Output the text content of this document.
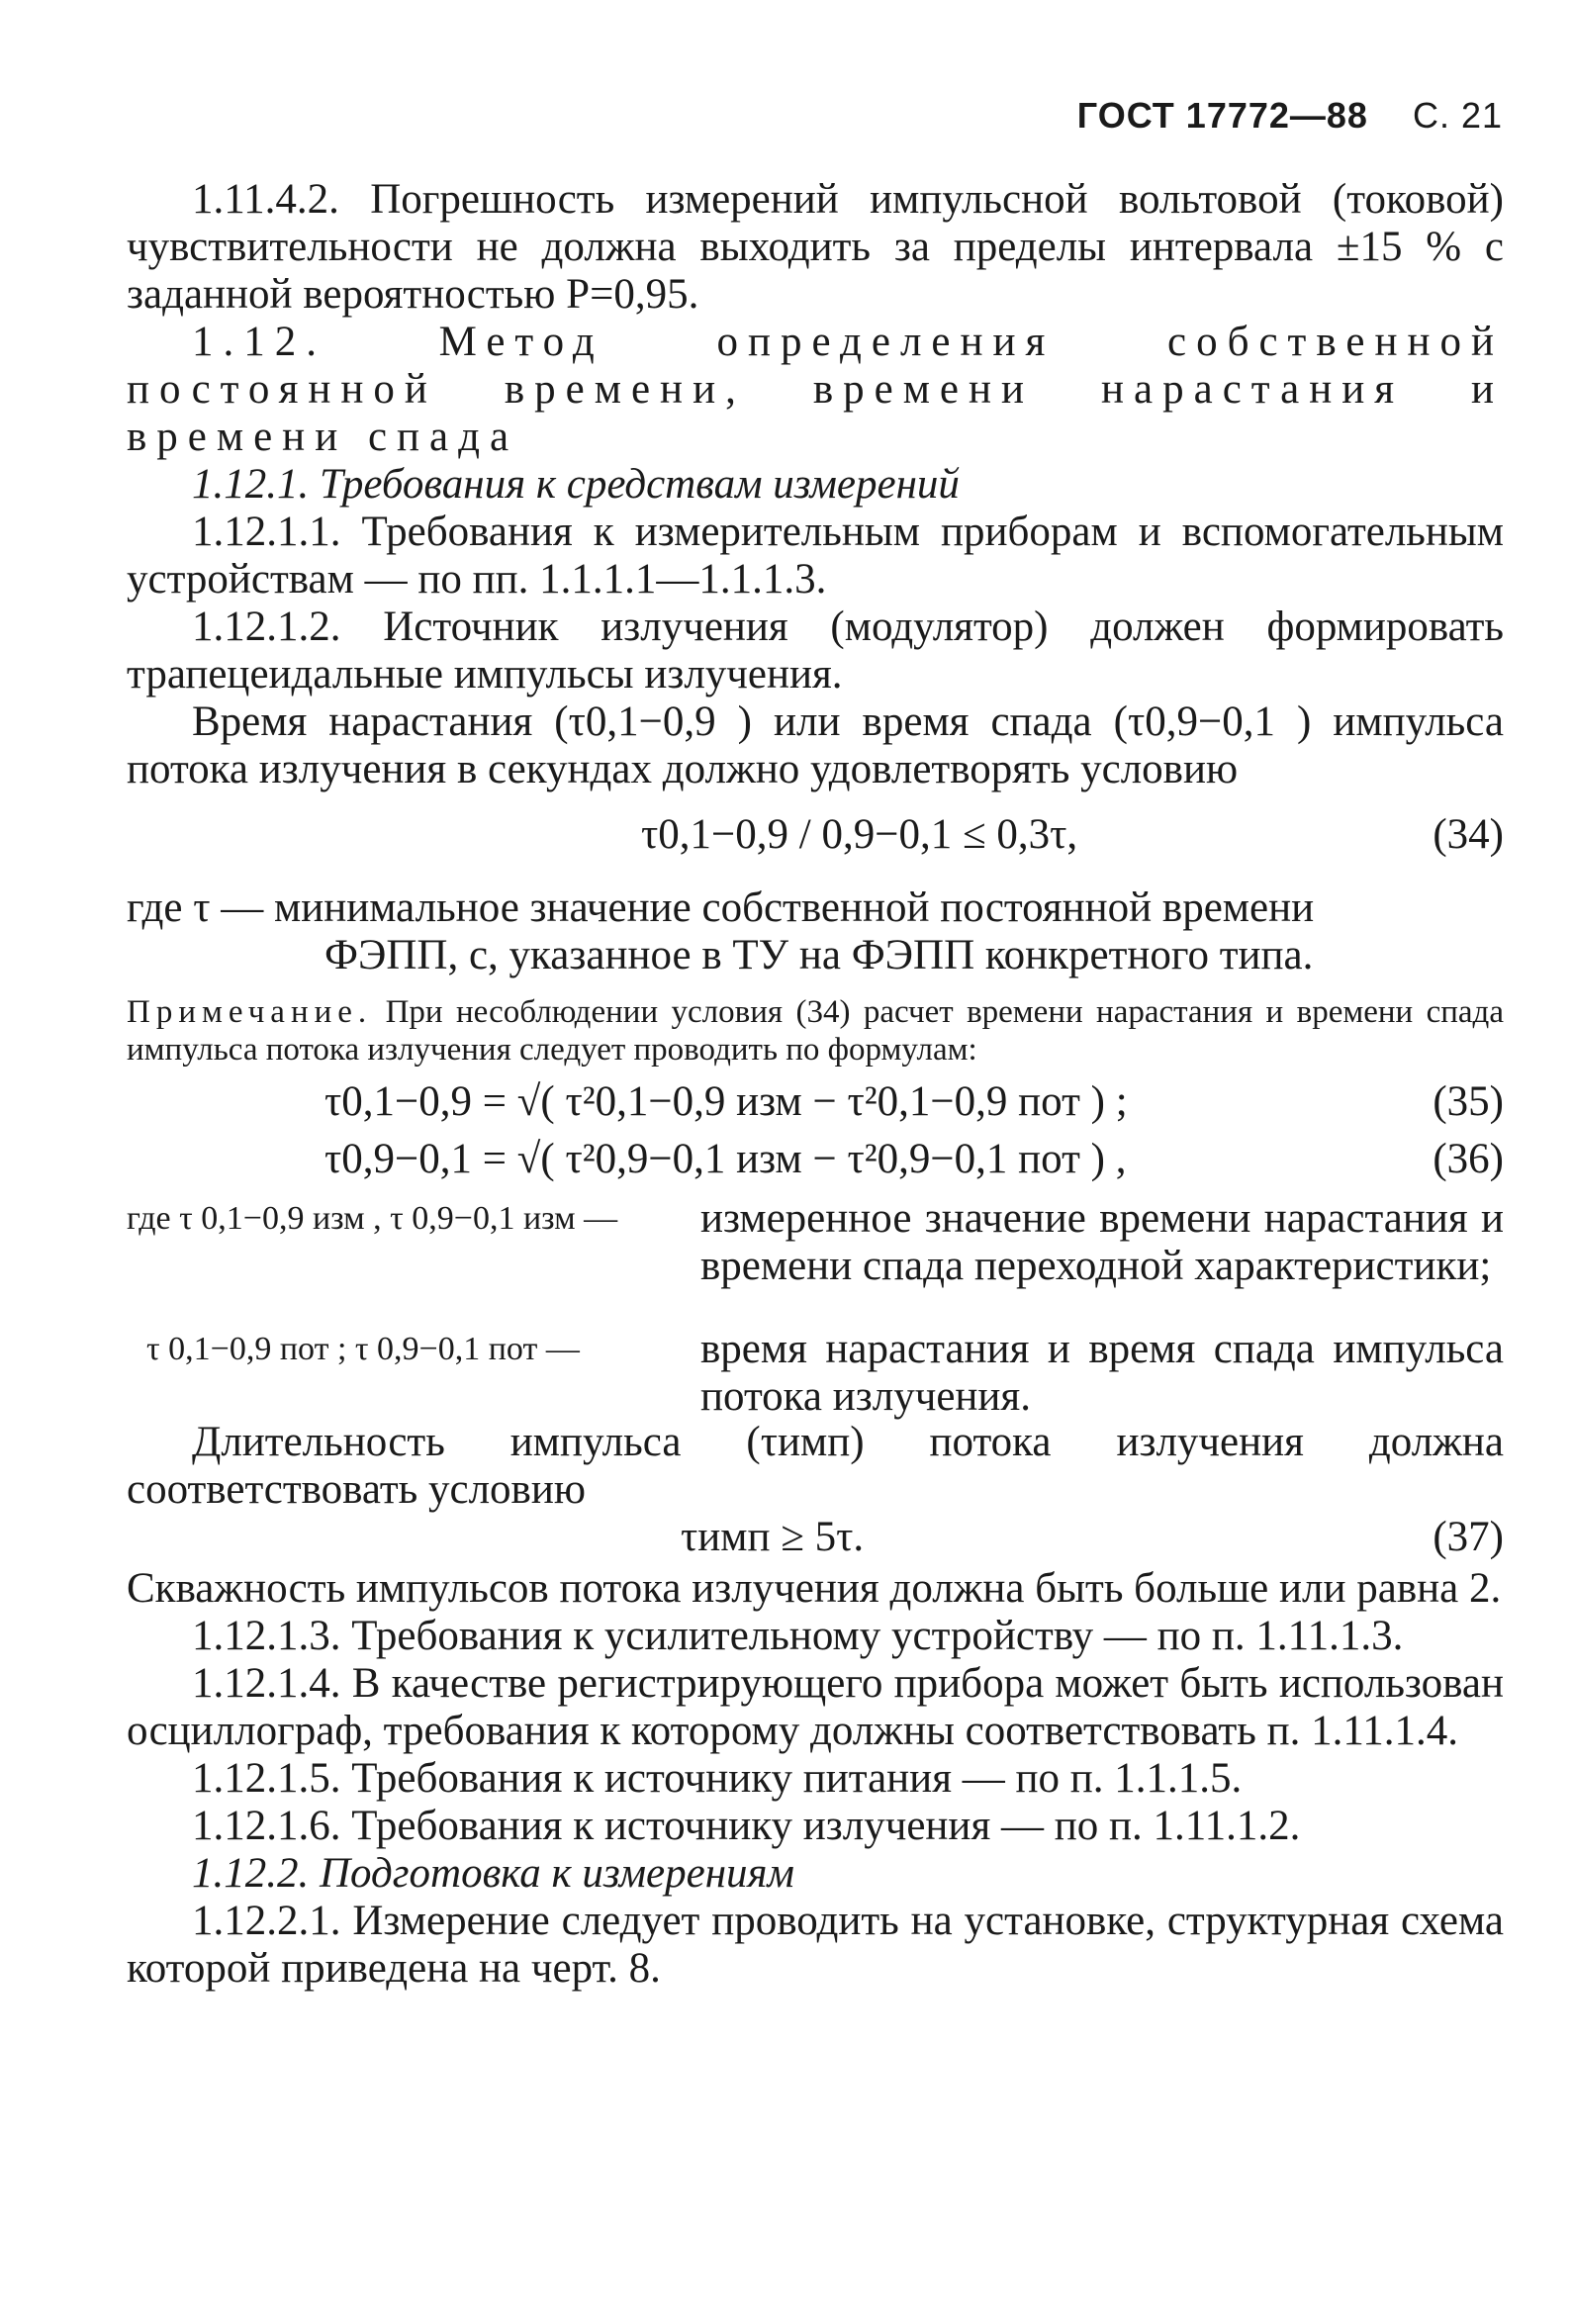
ГОСТ 17772—88 С. 21

1.11.4.2. Погрешность измерений импульсной вольтовой (токовой) чувствительности не должна выходить за пределы интервала ±15 % с заданной вероятностью P=0,95.

1.12. Метод определения собственной постоянной времени, времени нарастания и времени спада

1.12.1. Требования к средствам измерений

1.12.1.1. Требования к измерительным приборам и вспомогательным устройствам — по пп. 1.1.1.1—1.1.1.3.

1.12.1.2. Источник излучения (модулятор) должен формировать трапецеидальные импульсы излучения.

Время нарастания (τ0,1−0,9 ) или время спада (τ0,9−0,1 ) импульса потока излучения в секундах должно удовлетворять условию

τ0,1−0,9 / 0,9−0,1 ≤ 0,3τ,	(34)

где τ — минимальное значение собственной постоянной времени

ФЭПП, с, указанное в ТУ на ФЭПП конкретного типа.

Примечание. При несоблюдении условия (34) расчет времени нарастания и времени спада импульса потока излучения следует проводить по формулам:
τ0,1−0,9 = √( τ²0,1−0,9 изм − τ²0,1−0,9 пот ) ;	(35)
τ0,9−0,1 = √( τ²0,9−0,1 изм − τ²0,9−0,1 пот ) ,	(36)
где τ 0,1−0,9 изм , τ 0,9−0,1 изм — измеренное значение времени нарастания и времени спада переходной характеристики;
τ 0,1−0,9 пот ; τ 0,9−0,1 пот —	время нарастания и время спада импульса потока излучения.

Длительность импульса (τимп) потока излучения должна соответствовать условию

τимп ≥ 5τ.	(37)

Скважность импульсов потока излучения должна быть больше или равна 2.

1.12.1.3. Требования к усилительному устройству — по п. 1.11.1.3.

1.12.1.4. В качестве регистрирующего прибора может быть использован осциллограф, требования к которому должны соответствовать п. 1.11.1.4.

1.12.1.5. Требования к источнику питания — по п. 1.1.1.5.

1.12.1.6. Требования к источнику излучения — по п. 1.11.1.2.

1.12.2. Подготовка к измерениям

1.12.2.1. Измерение следует проводить на установке, структурная схема которой приведена на черт. 8.
